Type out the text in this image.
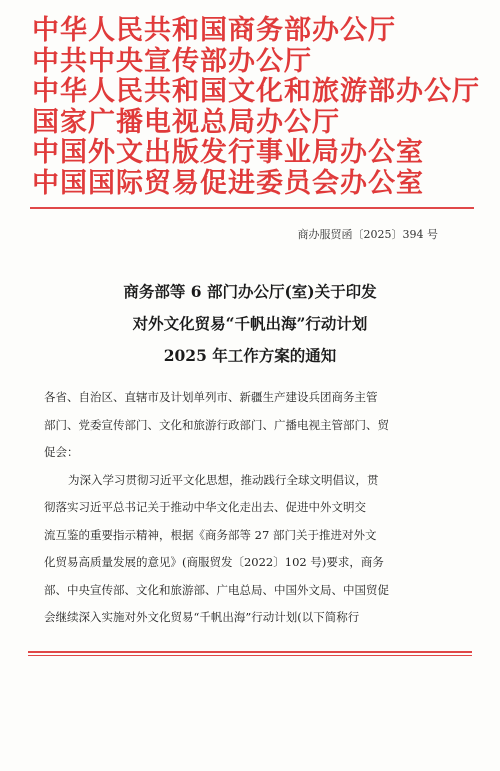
中华人民共和国商务部办公厅
中共中央宣传部办公厅
中华人民共和国文化和旅游部办公厅
国家广播电视总局办公厅
中国外文出版发行事业局办公室
中国国际贸易促进委员会办公室
商办服贸函〔2025〕394 号
商务部等 6 部门办公厅(室)关于印发
对外文化贸易“千帆出海”行动计划
2025 年工作方案的通知
各省、自治区、直辖市及计划单列市、新疆生产建设兵团商务主管
部门、党委宣传部门、文化和旅游行政部门、广播电视主管部门、贸
促会：
为深入学习贯彻习近平文化思想，推动践行全球文明倡议，贯
彻落实习近平总书记关于推动中华文化走出去、促进中外文明交
流互鉴的重要指示精神，根据《商务部等 27 部门关于推进对外文
化贸易高质量发展的意见》(商服贸发〔2022〕102 号)要求，商务
部、中央宣传部、文化和旅游部、广电总局、中国外文局、中国贸促
会继续深入实施对外文化贸易“千帆出海”行动计划(以下简称行
